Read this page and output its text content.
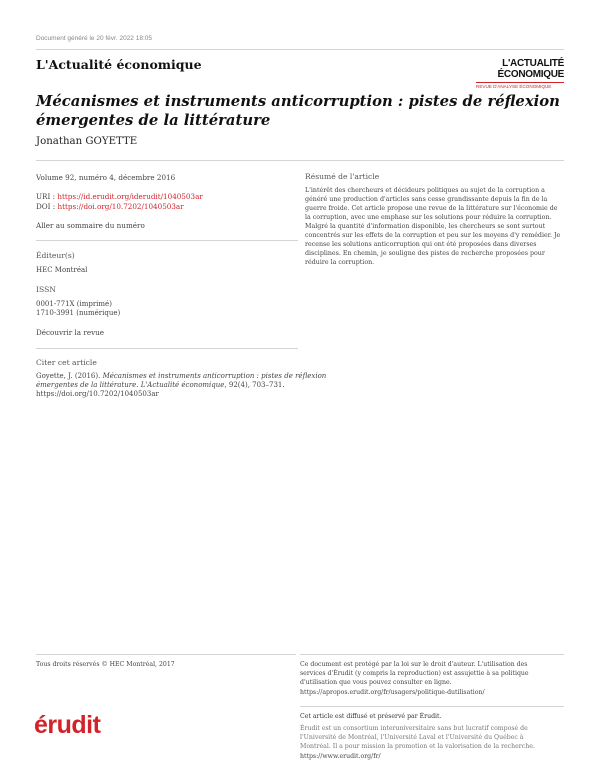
Document généré le 20 févr. 2022 18:05
L'Actualité économique	L'ACTUALITÉ
ÉCONOMIQUE
REVUE D'ANALYSE ÉCONOMIQUE
Mécanismes et instruments anticorruption : pistes de réflexion
émergentes de la littérature
Jonathan GOYETTE
Volume 92, numéro 4, décembre 2016
URI : https://id.erudit.org/iderudit/1040503ar
DOI : https://doi.org/10.7202/1040503ar
Aller au sommaire du numéro
Éditeur(s)
HEC Montréal
ISSN
0001-771X (imprimé)
1710-3991 (numérique)
Découvrir la revue
Citer cet article
Goyette, J. (2016). Mécanismes et instruments anticorruption : pistes de réflexion
émergentes de la littérature. L'Actualité économique, 92(4), 703–731.
https://doi.org/10.7202/1040503ar
Résumé de l'article
L'intérêt des chercheurs et décideurs politiques au sujet de la corruption a
généré une production d'articles sans cesse grandissante depuis la fin de la
guerre froide. Cet article propose une revue de la littérature sur l'économie de
la corruption, avec une emphase sur les solutions pour réduire la corruption.
Malgré la quantité d'information disponible, les chercheurs se sont surtout
concentrés sur les effets de la corruption et peu sur les moyens d'y remédier. Je
recense les solutions anticorruption qui ont été proposées dans diverses
disciplines. En chemin, je souligne des pistes de recherche proposées pour
réduire la corruption.
Tous droits réservés © HEC Montréal, 2017	Ce document est protégé par la loi sur le droit d'auteur. L'utilisation des
services d'Érudit (y compris la reproduction) est assujettie à sa politique
d'utilisation que vous pouvez consulter en ligne.
https://apropos.erudit.org/fr/usagers/politique-dutilisation/
érudit	Cet article est diffusé et préservé par Érudit.
Érudit est un consortium interuniversitaire sans but lucratif composé de
l'Université de Montréal, l'Université Laval et l'Université du Québec à
Montréal. Il a pour mission la promotion et la valorisation de la recherche.
https://www.erudit.org/fr/
